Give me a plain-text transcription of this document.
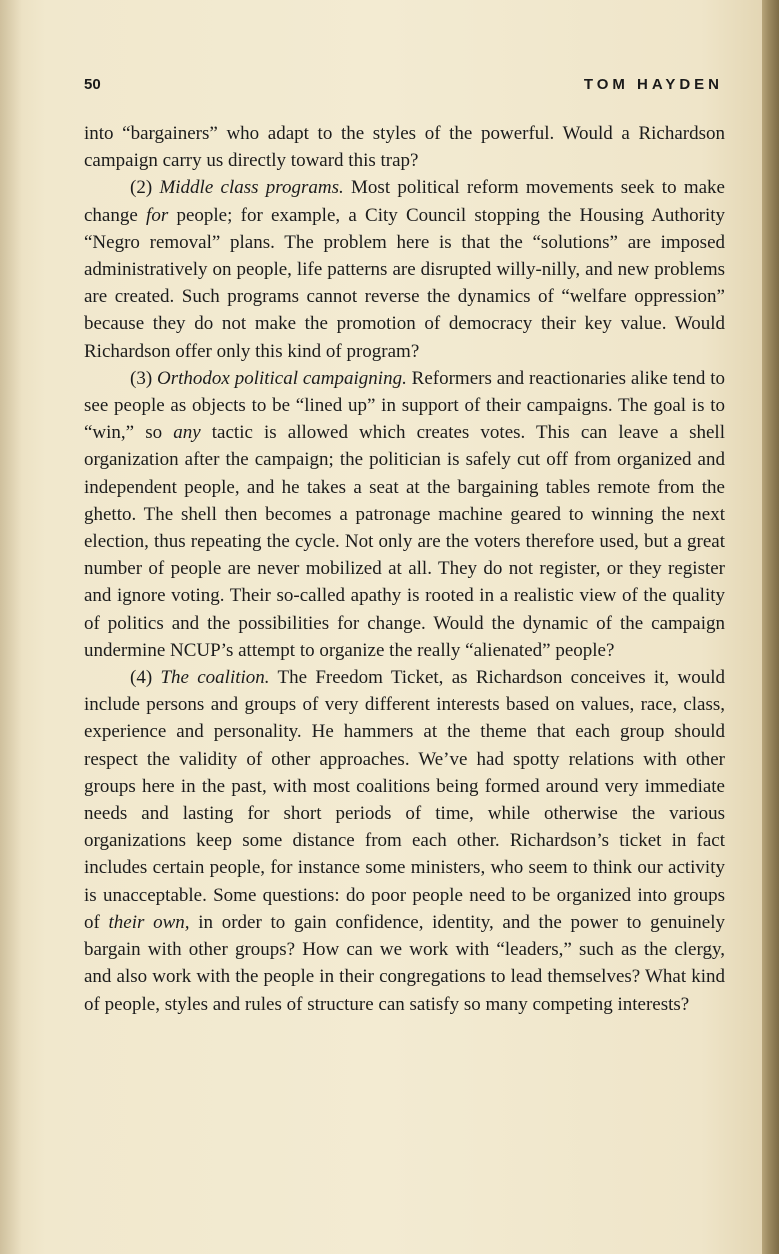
50	TOM HAYDEN

into “bargainers” who adapt to the styles of the powerful. Would a Richardson campaign carry us directly toward this trap?

(2) Middle class programs. Most political reform movements seek to make change for people; for example, a City Council stopping the Housing Authority “Negro removal” plans. The problem here is that the “solutions” are imposed administratively on people, life patterns are disrupted willy-nilly, and new problems are created. Such programs cannot reverse the dynamics of “welfare oppression” because they do not make the promotion of democracy their key value. Would Richardson offer only this kind of program?

(3) Orthodox political campaigning. Reformers and reactionaries alike tend to see people as objects to be “lined up” in support of their campaigns. The goal is to “win,” so any tactic is allowed which creates votes. This can leave a shell organization after the campaign; the politician is safely cut off from organized and independent people, and he takes a seat at the bargaining tables remote from the ghetto. The shell then becomes a patronage machine geared to winning the next election, thus repeating the cycle. Not only are the voters therefore used, but a great number of people are never mobilized at all. They do not register, or they register and ignore voting. Their so-called apathy is rooted in a realistic view of the quality of politics and the possibilities for change. Would the dynamic of the campaign undermine NCUP’s attempt to organize the really “alienated” people?

(4) The coalition. The Freedom Ticket, as Richardson conceives it, would include persons and groups of very different interests based on values, race, class, experience and personality. He hammers at the theme that each group should respect the validity of other approaches. We’ve had spotty relations with other groups here in the past, with most coalitions being formed around very immediate needs and lasting for short periods of time, while otherwise the various organizations keep some distance from each other. Richardson’s ticket in fact includes certain people, for instance some ministers, who seem to think our activity is unacceptable. Some questions: do poor people need to be organized into groups of their own, in order to gain confidence, identity, and the power to genuinely bargain with other groups? How can we work with “leaders,” such as the clergy, and also work with the people in their congregations to lead themselves? What kind of people, styles and rules of structure can satisfy so many competing interests?
